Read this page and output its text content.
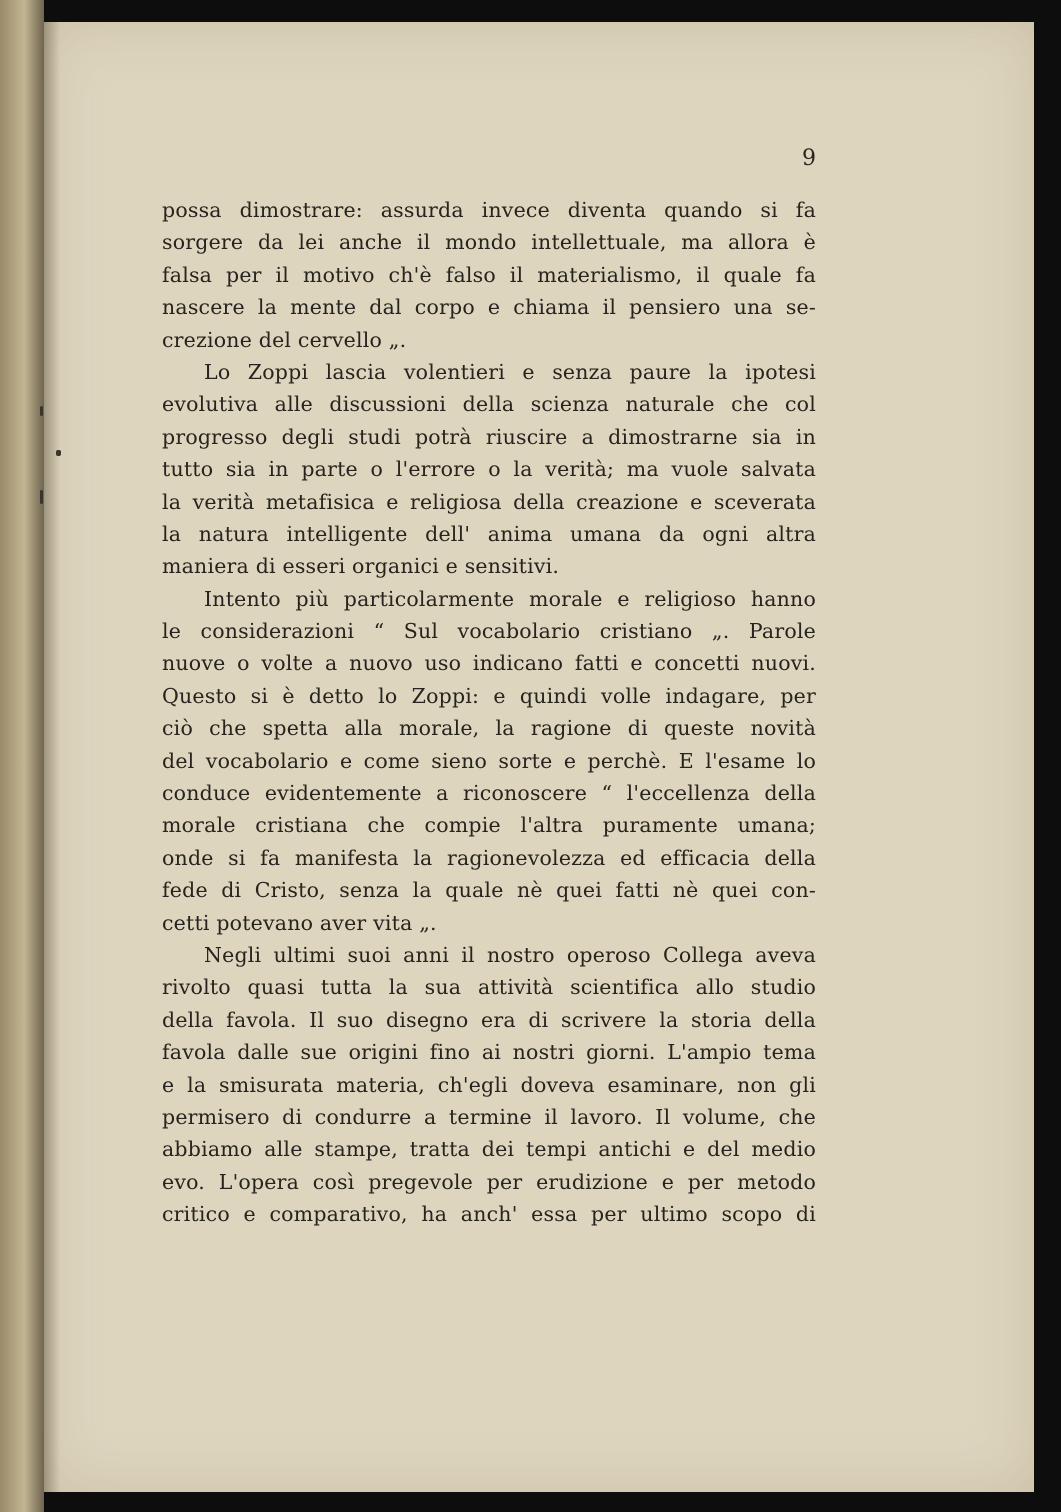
9
possa dimostrare: assurda invece diventa quando si fa
sorgere da lei anche il mondo intellettuale, ma allora è
falsa per il motivo ch'è falso il materialismo, il quale fa
nascere la mente dal corpo e chiama il pensiero una se-
crezione del cervello „.
Lo Zoppi lascia volentieri e senza paure la ipotesi
evolutiva alle discussioni della scienza naturale che col
progresso degli studi potrà riuscire a dimostrarne sia in
tutto sia in parte o l'errore o la verità; ma vuole salvata
la verità metafisica e religiosa della creazione e sceverata
la natura intelligente dell' anima umana da ogni altra
maniera di esseri organici e sensitivi.
Intento più particolarmente morale e religioso hanno
le considerazioni “ Sul vocabolario cristiano „. Parole
nuove o volte a nuovo uso indicano fatti e concetti nuovi.
Questo si è detto lo Zoppi: e quindi volle indagare, per
ciò che spetta alla morale, la ragione di queste novità
del vocabolario e come sieno sorte e perchè. E l'esame lo
conduce evidentemente a riconoscere “ l'eccellenza della
morale cristiana che compie l'altra puramente umana;
onde si fa manifesta la ragionevolezza ed efficacia della
fede di Cristo, senza la quale nè quei fatti nè quei con-
cetti potevano aver vita „.
Negli ultimi suoi anni il nostro operoso Collega aveva
rivolto quasi tutta la sua attività scientifica allo studio
della favola. Il suo disegno era di scrivere la storia della
favola dalle sue origini fino ai nostri giorni. L'ampio tema
e la smisurata materia, ch'egli doveva esaminare, non gli
permisero di condurre a termine il lavoro. Il volume, che
abbiamo alle stampe, tratta dei tempi antichi e del medio
evo. L'opera così pregevole per erudizione e per metodo
critico e comparativo, ha anch' essa per ultimo scopo di
